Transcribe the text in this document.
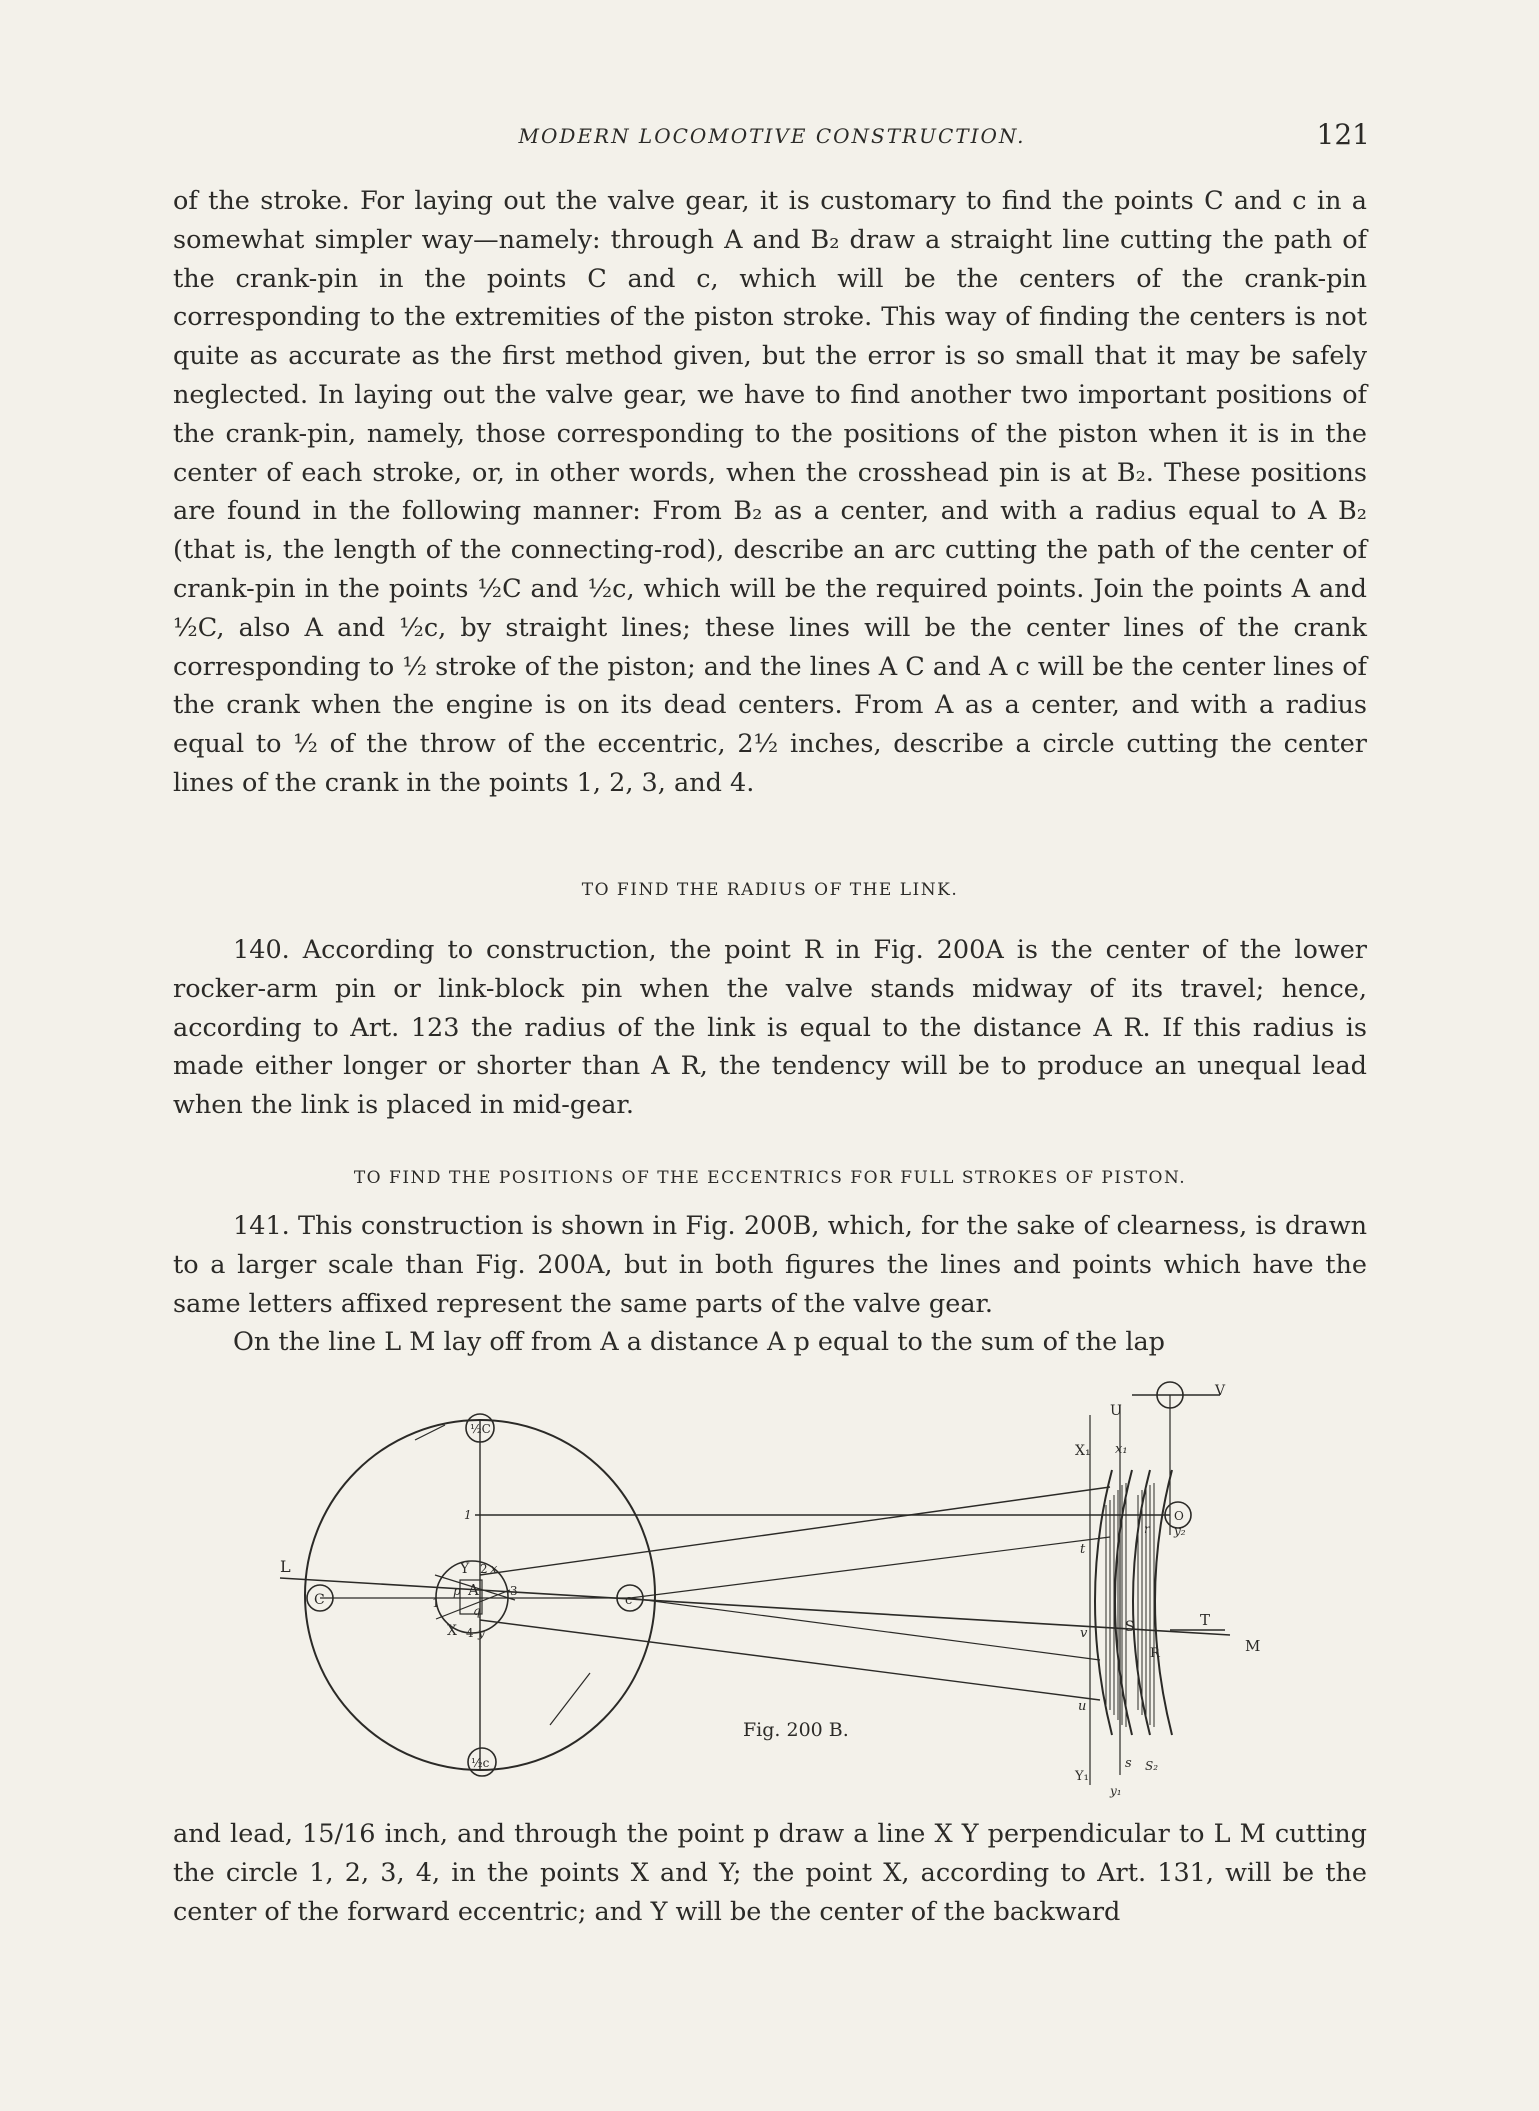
MODERN LOCOMOTIVE CONSTRUCTION.	121

of the stroke. For laying out the valve gear, it is customary to find the points C and c in a somewhat simpler way—namely: through A and B₂ draw a straight line cutting the path of the crank-pin in the points C and c, which will be the centers of the crank-pin corresponding to the extremities of the piston stroke. This way of finding the centers is not quite as accurate as the first method given, but the error is so small that it may be safely neglected. In laying out the valve gear, we have to find another two important positions of the crank-pin, namely, those corresponding to the positions of the piston when it is in the center of each stroke, or, in other words, when the crosshead pin is at B₂. These positions are found in the following manner: From B₂ as a center, and with a radius equal to A B₂ (that is, the length of the connecting-rod), describe an arc cutting the path of the center of crank-pin in the points ½C and ½c, which will be the required points. Join the points A and ½C, also A and ½c, by straight lines; these lines will be the center lines of the crank corresponding to ½ stroke of the piston; and the lines A C and A c will be the center lines of the crank when the engine is on its dead centers. From A as a center, and with a radius equal to ½ of the throw of the eccentric, 2½ inches, describe a circle cutting the center lines of the crank in the points 1, 2, 3, and 4.

TO FIND THE RADIUS OF THE LINK.

140. According to construction, the point R in Fig. 200A is the center of the lower rocker-arm pin or link-block pin when the valve stands midway of its travel; hence, according to Art. 123 the radius of the link is equal to the distance A R. If this radius is made either longer or shorter than A R, the tendency will be to produce an unequal lead when the link is placed in mid-gear.

TO FIND THE POSITIONS OF THE ECCENTRICS FOR FULL STROKES OF PISTON.

141. This construction is shown in Fig. 200B, which, for the sake of clearness, is drawn to a larger scale than Fig. 200A, but in both figures the lines and points which have the same letters affixed represent the same parts of the valve gear.

On the line L M lay off from A a distance A p equal to the sum of the lap

L
C	c
½C
½c
Y 2 x
A
p
q
3
1
X 4 y
1
X₁ x₁
U
V
O
y₂
t
r
v	S
R
T
M
u
s S₂
Y₁
y₁
Fig. 200 B.

and lead, 15/16 inch, and through the point p draw a line X Y perpendicular to L M cutting the circle 1, 2, 3, 4, in the points X and Y; the point X, according to Art. 131, will be the center of the forward eccentric; and Y will be the center of the backward
